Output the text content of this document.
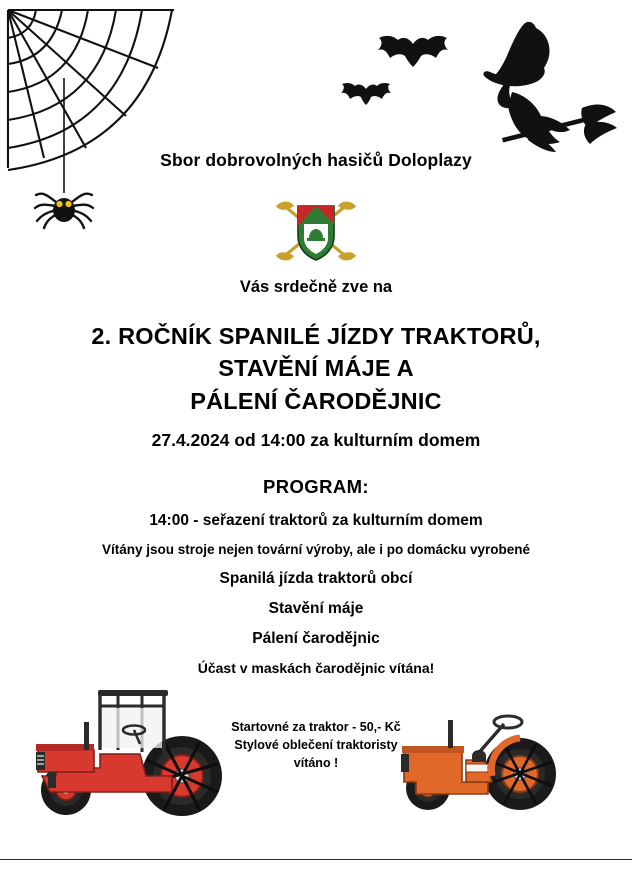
Sbor dobrovolných hasičů Doloplazy
Vás srdečně zve na
2. ROČNÍK SPANILÉ JÍZDY TRAKTORŮ,
STAVĚNÍ MÁJE A
PÁLENÍ ČARODĚJNIC
27.4.2024 od 14:00 za kulturním domem
PROGRAM:
14:00 - seřazení traktorů za kulturním domem
Vítány jsou stroje nejen tovární výroby, ale i po domácku vyrobené
Spanilá jízda traktorů obcí
Stavění máje
Pálení čarodějnic
Účast v maskách čarodějnic vítána!
Startovné za traktor - 50,- Kč
Stylové oblečení traktoristy
vítáno !
